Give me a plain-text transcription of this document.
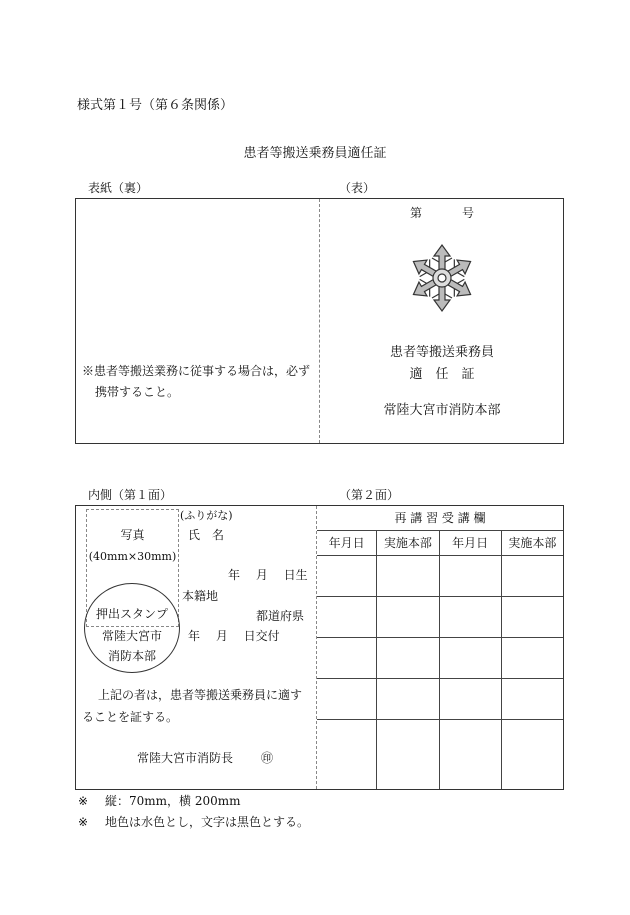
様式第１号（第６条関係）
患者等搬送乗務員適任証
表紙（裏）	（表）
※患者等搬送業務に従事する場合は，必ず
携帯すること。
第	号
患者等搬送乗務員
適　任　証
常陸大宮市消防本部
内側（第１面）	（第２面）
写真
(40mm×30mm)
押出スタンプ
常陸大宮市
消防本部
(ふりがな)
氏　名
年　 月　 日生
本籍地
都道府県
年　 月　 日交付
上記の者は，患者等搬送乗務員に適す
ることを証する。
常陸大宮市消防長 ㊞
再 講 習 受 講 欄			
年月日	実施本部	年月日	実施本部

※ 縦：70mm，横 200mm
※ 地色は水色とし，文字は黒色とする。
